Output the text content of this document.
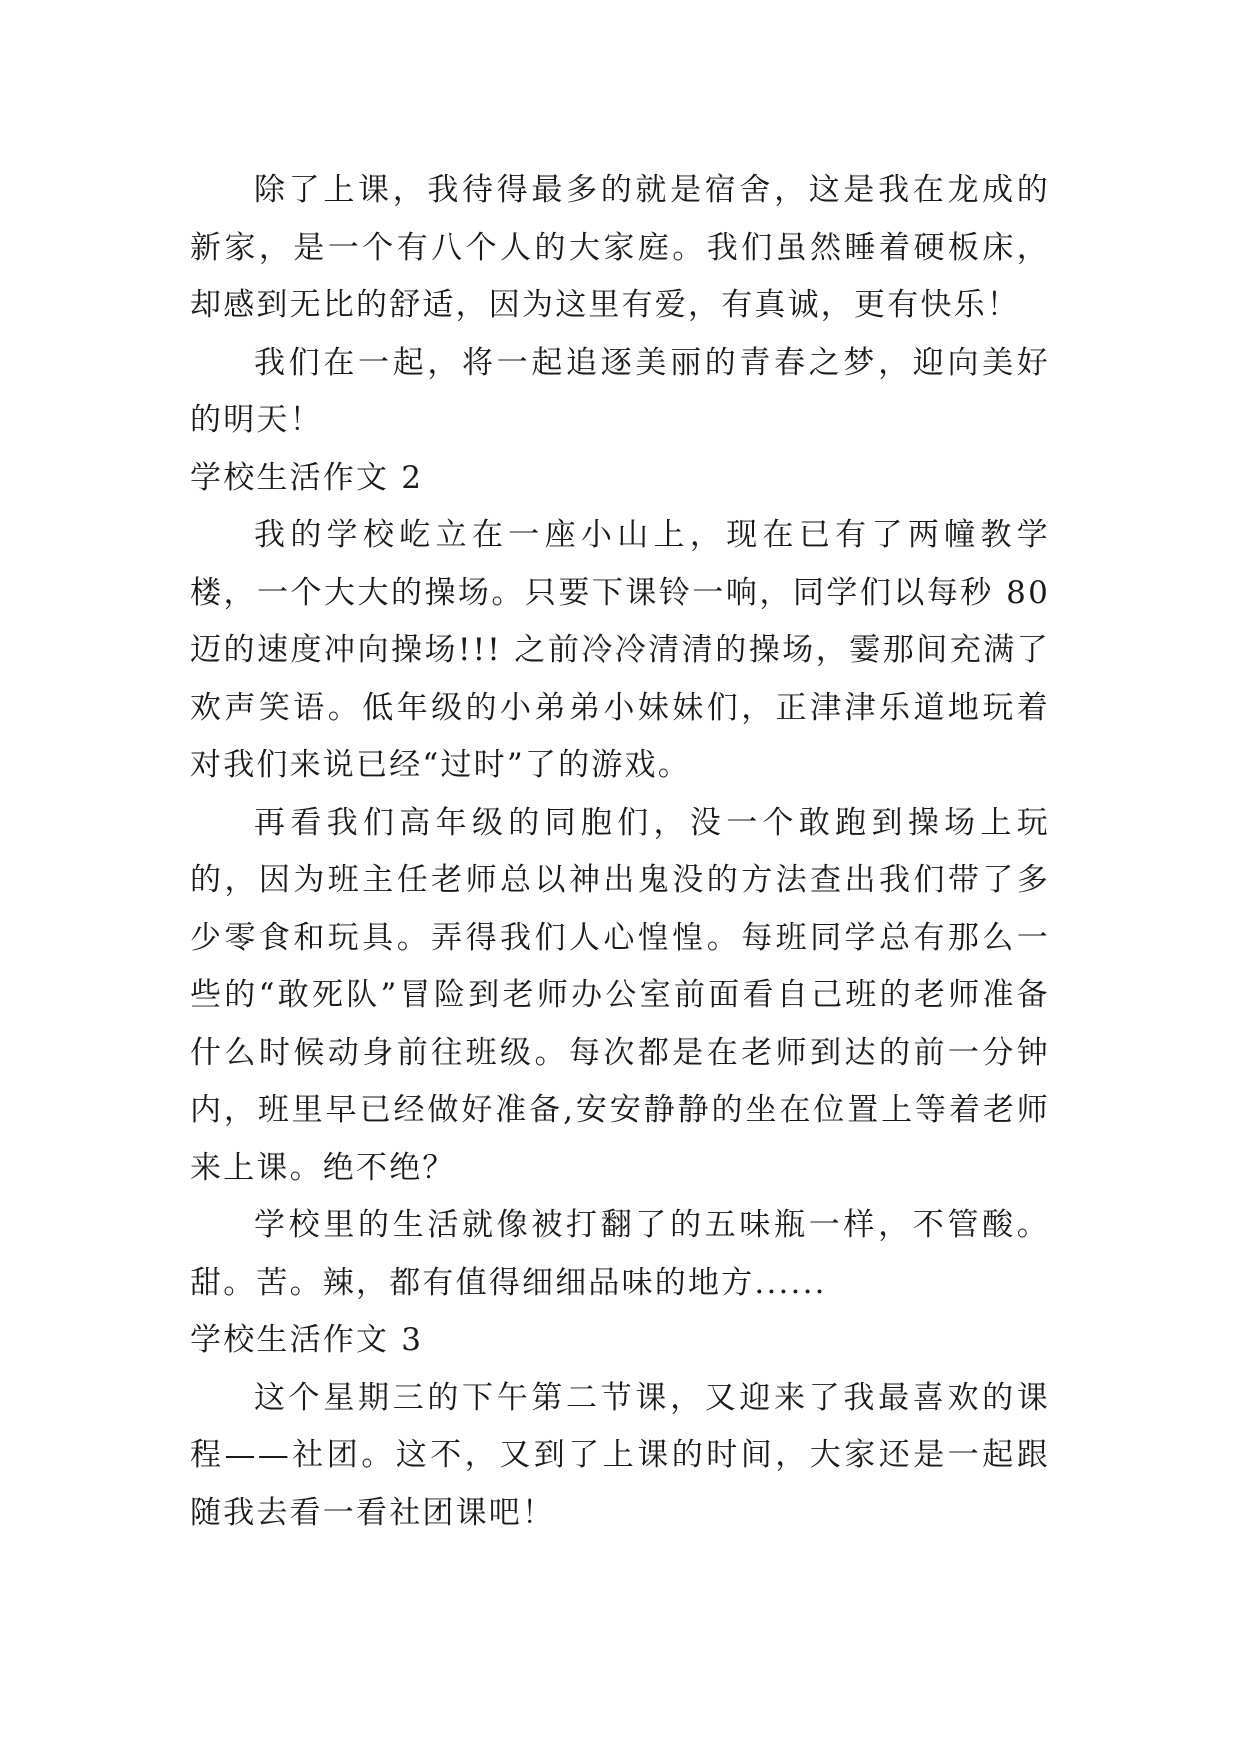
除了上课，我待得最多的就是宿舍，这是我在龙成的新家，是一个有八个人的大家庭。我们虽然睡着硬板床，却感到无比的舒适，因为这里有爱，有真诚，更有快乐！

我们在一起，将一起追逐美丽的青春之梦，迎向美好的明天！

学校生活作文 2

我的学校屹立在一座小山上，现在已有了两幢教学楼，一个大大的操场。只要下课铃一响，同学们以每秒 80 迈的速度冲向操场!!! 之前冷冷清清的操场，霎那间充满了欢声笑语。低年级的小弟弟小妹妹们，正津津乐道地玩着对我们来说已经“过时”了的游戏。

再看我们高年级的同胞们，没一个敢跑到操场上玩的，因为班主任老师总以神出鬼没的方法查出我们带了多少零食和玩具。弄得我们人心惶惶。每班同学总有那么一些的“敢死队”冒险到老师办公室前面看自己班的老师准备什么时候动身前往班级。每次都是在老师到达的前一分钟内，班里早已经做好准备,安安静静的坐在位置上等着老师来上课。绝不绝？

学校里的生活就像被打翻了的五味瓶一样，不管酸。甜。苦。辣，都有值得细细品味的地方......

学校生活作文 3

这个星期三的下午第二节课，又迎来了我最喜欢的课程——社团。这不，又到了上课的时间，大家还是一起跟随我去看一看社团课吧！
